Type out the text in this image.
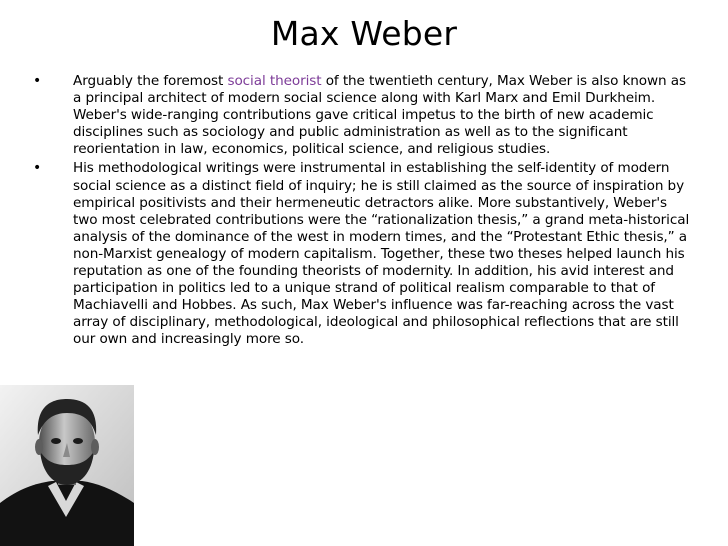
Max Weber
•	Arguably the foremost social theorist of the twentieth century, Max Weber is also known as a principal architect of modern social science along with Karl Marx and Emil Durkheim. Weber's wide-ranging contributions gave critical impetus to the birth of new academic disciplines such as sociology and public administration as well as to the significant reorientation in law, economics, political science, and religious studies.
•	His methodological writings were instrumental in establishing the self-identity of modern social science as a distinct field of inquiry; he is still claimed as the source of inspiration by empirical positivists and their hermeneutic detractors alike. More substantively, Weber's two most celebrated contributions were the “rationalization thesis,” a grand meta-historical analysis of the dominance of the west in modern times, and the “Protestant Ethic thesis,” a non-Marxist genealogy of modern capitalism. Together, these two theses helped launch his reputation as one of the founding theorists of modernity. In addition, his avid interest and participation in politics led to a unique strand of political realism comparable to that of Machiavelli and Hobbes. As such, Max Weber's influence was far-reaching across the vast array of disciplinary, methodological, ideological and philosophical reflections that are still our own and increasingly more so.
